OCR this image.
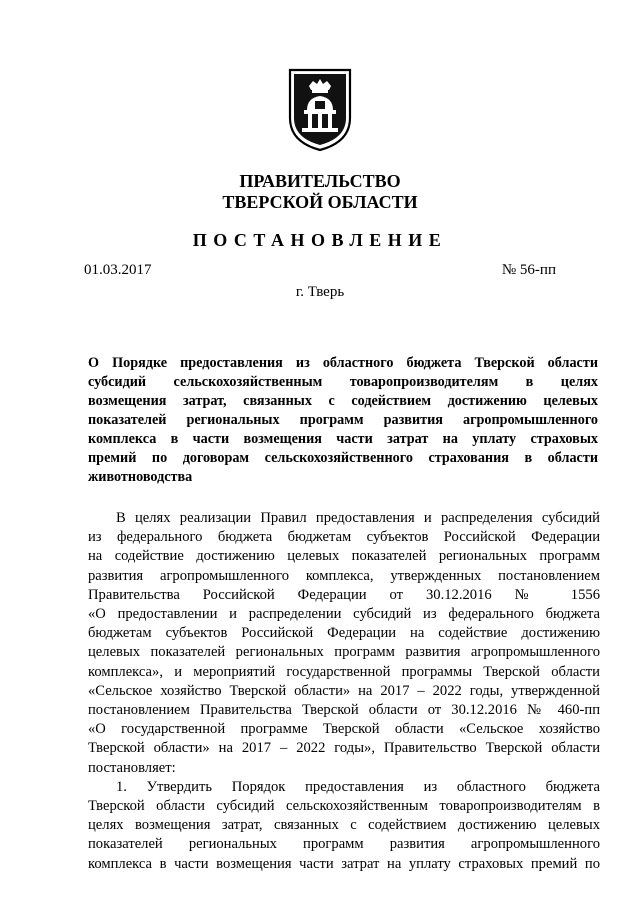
ПРАВИТЕЛЬСТВО
ТВЕРСКОЙ ОБЛАСТИ
ПОСТАНОВЛЕНИЕ
01.03.2017	№ 56-пп
г. Тверь
О Порядке предоставления из областного бюджета Тверской области
субсидий сельскохозяйственным товаропроизводителям в целях
возмещения затрат, связанных с содействием достижению целевых
показателей региональных программ развития агропромышленного
комплекса в части возмещения части затрат на уплату страховых
премий по договорам сельскохозяйственного страхования в области
животноводства
В целях реализации Правил предоставления и распределения субсидий
из федерального бюджета бюджетам субъектов Российской Федерации
на содействие достижению целевых показателей региональных программ
развития агропромышленного комплекса, утвержденных постановлением
Правительства Российской Федерации от 30.12.2016 № 1556
«О предоставлении и распределении субсидий из федерального бюджета
бюджетам субъектов Российской Федерации на содействие достижению
целевых показателей региональных программ развития агропромышленного
комплекса», и мероприятий государственной программы Тверской области
«Сельское хозяйство Тверской области» на 2017 – 2022 годы, утвержденной
постановлением Правительства Тверской области от 30.12.2016 № 460-пп
«О государственной программе Тверской области «Сельское хозяйство
Тверской области» на 2017 – 2022 годы», Правительство Тверской области
постановляет:
1. Утвердить Порядок предоставления из областного бюджета
Тверской области субсидий сельскохозяйственным товаропроизводителям в
целях возмещения затрат, связанных с содействием достижению целевых
показателей региональных программ развития агропромышленного
комплекса в части возмещения части затрат на уплату страховых премий по
